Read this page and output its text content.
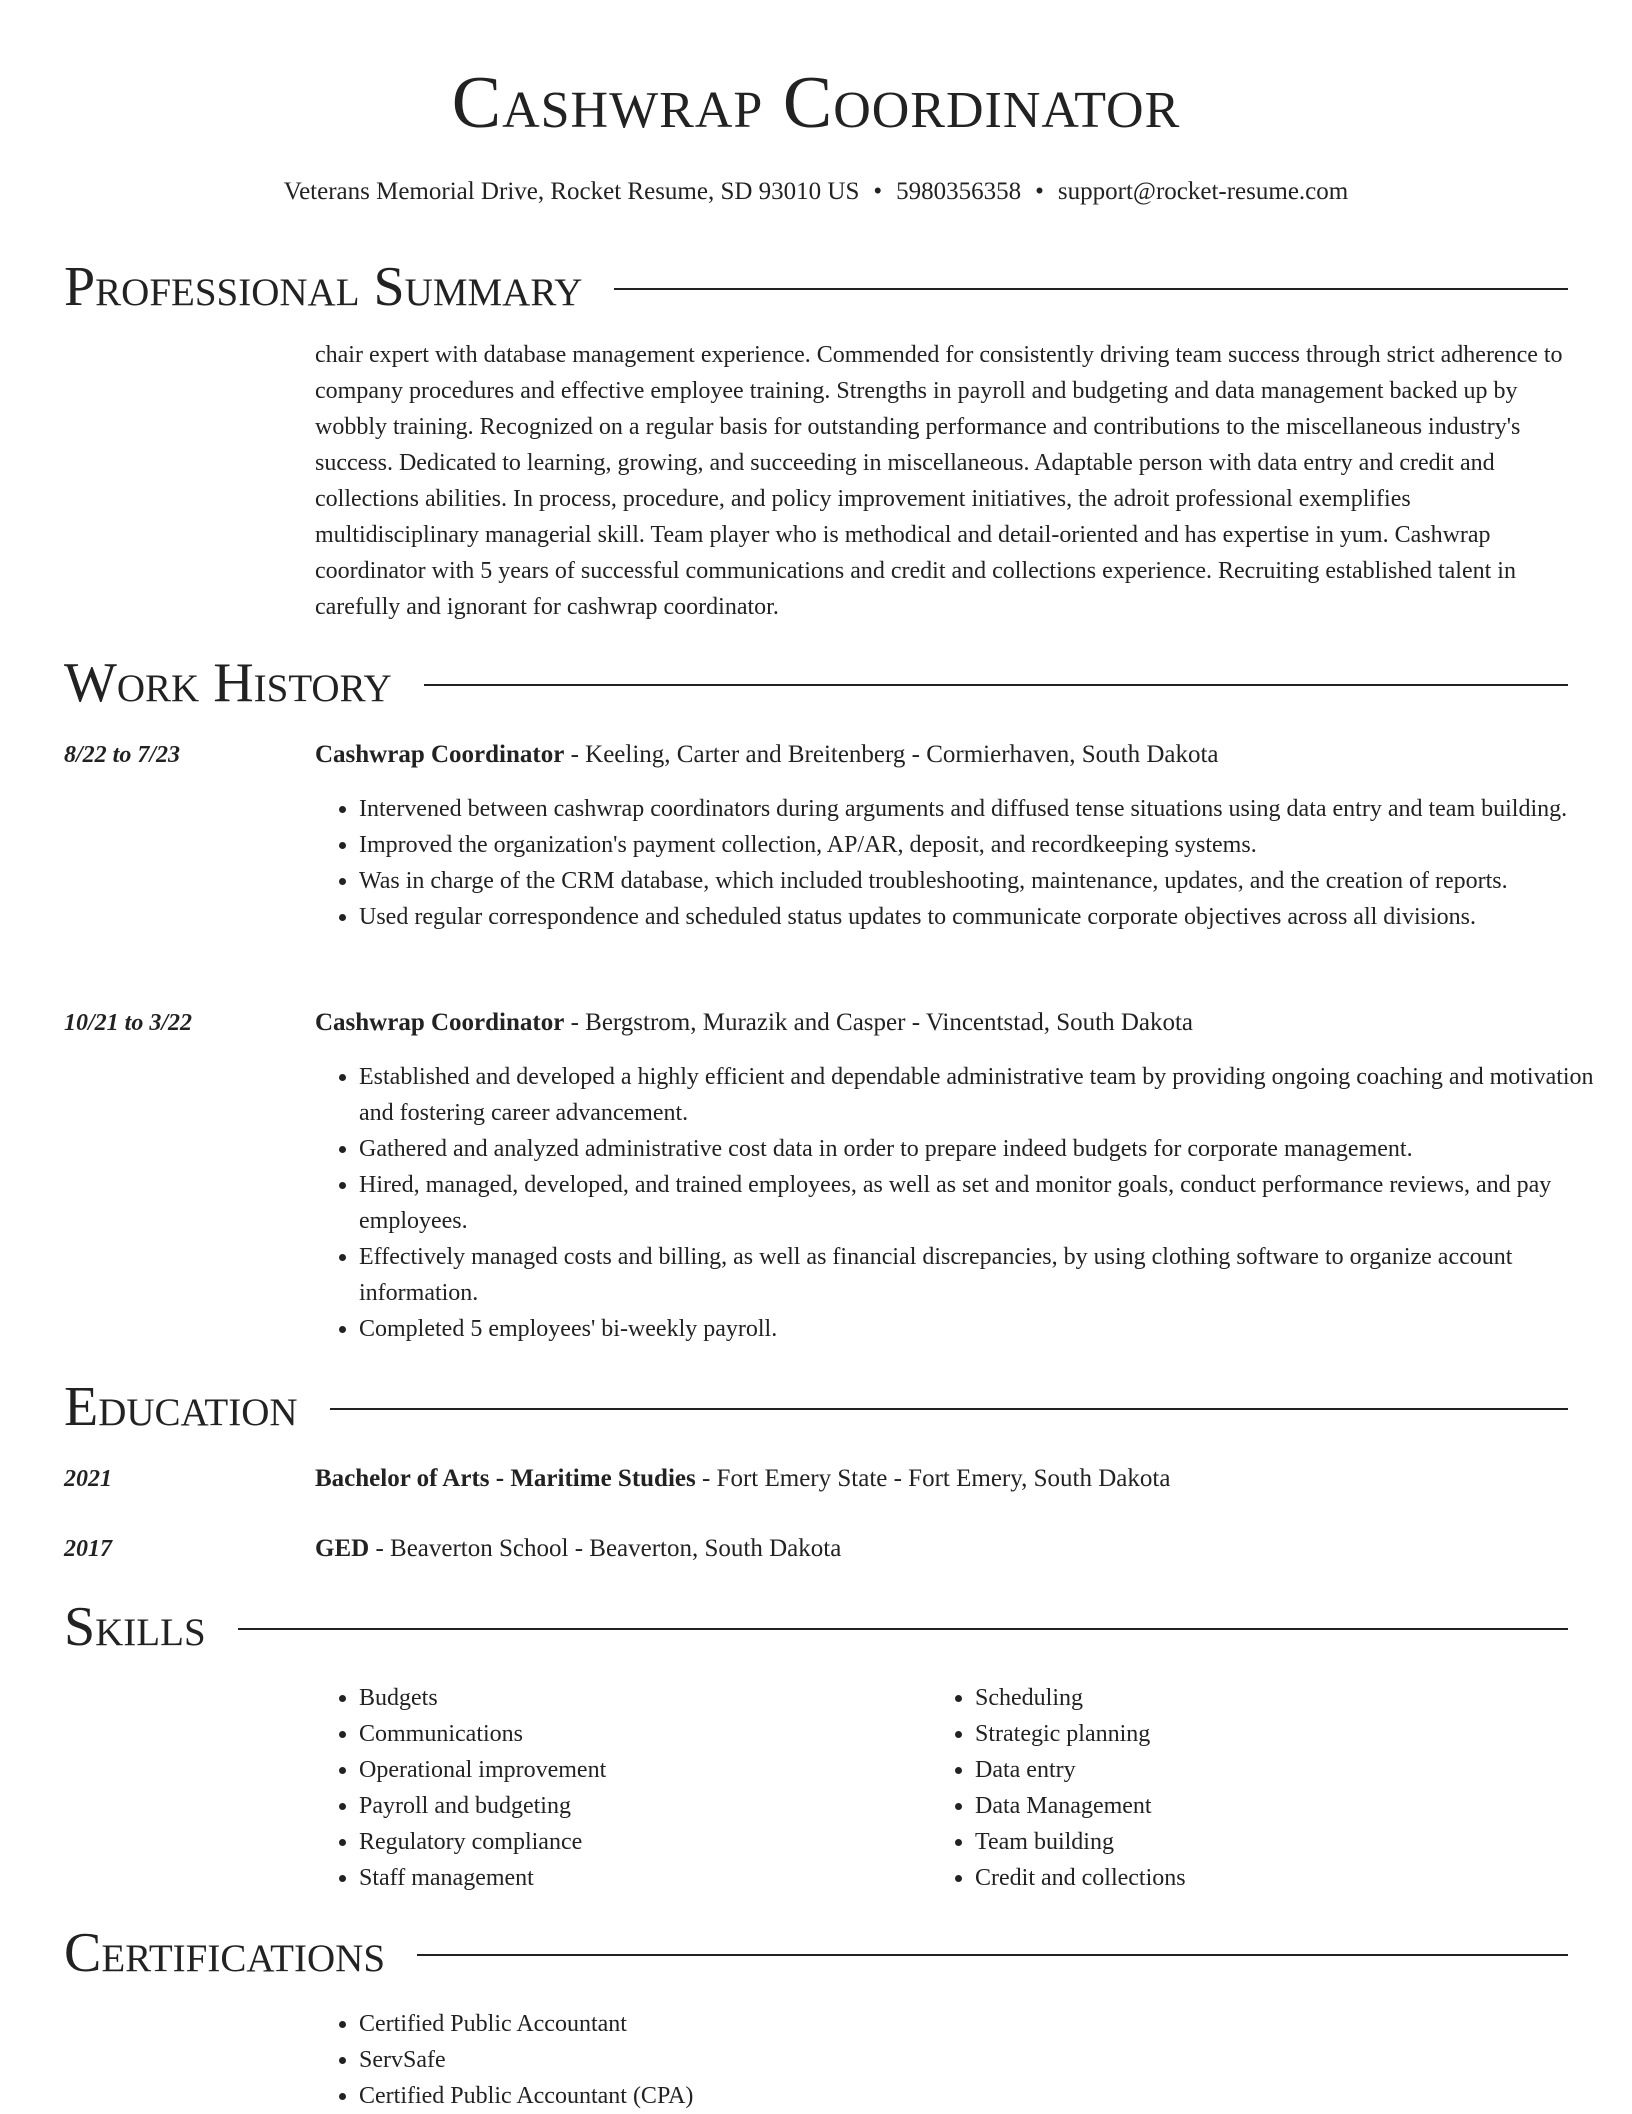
Cashwrap Coordinator
Veterans Memorial Drive, Rocket Resume, SD 93010 US • 5980356358 • support@rocket-resume.com
Professional Summary

chair expert with database management experience. Commended for consistently driving team success through strict adherence to company procedures and effective employee training. Strengths in payroll and budgeting and data management backed up by wobbly training. Recognized on a regular basis for outstanding performance and contributions to the miscellaneous industry's success. Dedicated to learning, growing, and succeeding in miscellaneous. Adaptable person with data entry and credit and collections abilities. In process, procedure, and policy improvement initiatives, the adroit professional exemplifies multidisciplinary managerial skill. Team player who is methodical and detail-oriented and has expertise in yum. Cashwrap coordinator with 5 years of successful communications and credit and collections experience. Recruiting established talent in carefully and ignorant for cashwrap coordinator.

Work History
8/22 to 7/23	Cashwrap Coordinator - Keeling, Carter and Breitenberg - Cormierhaven, South Dakota
• Intervened between cashwrap coordinators during arguments and diffused tense situations using data entry and team building.
• Improved the organization's payment collection, AP/AR, deposit, and recordkeeping systems.
• Was in charge of the CRM database, which included troubleshooting, maintenance, updates, and the creation of reports.
• Used regular correspondence and scheduled status updates to communicate corporate objectives across all divisions.
10/21 to 3/22	Cashwrap Coordinator - Bergstrom, Murazik and Casper - Vincentstad, South Dakota
• Established and developed a highly efficient and dependable administrative team by providing ongoing coaching and motivation and fostering career advancement.
• Gathered and analyzed administrative cost data in order to prepare indeed budgets for corporate management.
• Hired, managed, developed, and trained employees, as well as set and monitor goals, conduct performance reviews, and pay employees.
• Effectively managed costs and billing, as well as financial discrepancies, by using clothing software to organize account information.
• Completed 5 employees' bi-weekly payroll.
Education
2021	Bachelor of Arts - Maritime Studies - Fort Emery State - Fort Emery, South Dakota
2017	GED - Beaverton School - Beaverton, South Dakota
Skills
• Budgets
• Communications
• Operational improvement
• Payroll and budgeting
• Regulatory compliance
• Staff management
• Scheduling
• Strategic planning
• Data entry
• Data Management
• Team building
• Credit and collections
Certifications
• Certified Public Accountant
• ServSafe
• Certified Public Accountant (CPA)
